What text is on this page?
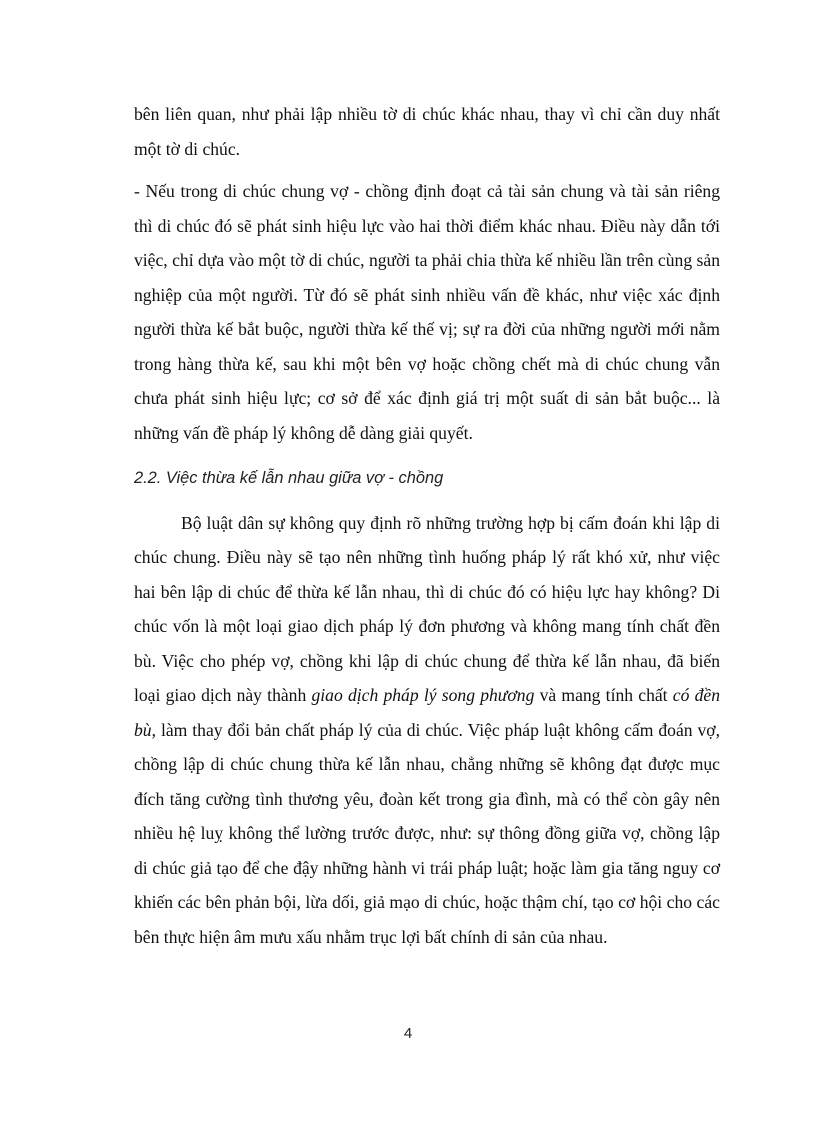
bên liên quan, như phải lập nhiều tờ di chúc khác nhau, thay vì chỉ cần duy nhất một tờ di chúc.

- Nếu trong di chúc chung vợ - chồng định đoạt cả tài sản chung và tài sản riêng thì di chúc đó sẽ phát sinh hiệu lực vào hai thời điểm khác nhau. Điều này dẫn tới việc, chỉ dựa vào một tờ di chúc, người ta phải chia thừa kế nhiều lần trên cùng sản nghiệp của một người. Từ đó sẽ phát sinh nhiều vấn đề khác, như việc xác định người thừa kế bắt buộc, người thừa kế thế vị; sự ra đời của những người mới nằm trong hàng thừa kế, sau khi một bên vợ hoặc chồng chết mà di chúc chung vẫn chưa phát sinh hiệu lực; cơ sở để xác định giá trị một suất di sản bắt buộc... là những vấn đề pháp lý không dễ dàng giải quyết.

2.2. Việc thừa kế lẫn nhau giữa vợ - chồng

Bộ luật dân sự không quy định rõ những trường hợp bị cấm đoán khi lập di chúc chung. Điều này sẽ tạo nên những tình huống pháp lý rất khó xử, như việc hai bên lập di chúc để thừa kế lẫn nhau, thì di chúc đó có hiệu lực hay không? Di chúc vốn là một loại giao dịch pháp lý đơn phương và không mang tính chất đền bù. Việc cho phép vợ, chồng khi lập di chúc chung để thừa kế lẫn nhau, đã biến loại giao dịch này thành giao dịch pháp lý song phương và mang tính chất có đền bù, làm thay đổi bản chất pháp lý của di chúc. Việc pháp luật không cấm đoán vợ, chồng lập di chúc chung thừa kế lẫn nhau, chẳng những sẽ không đạt được mục đích tăng cường tình thương yêu, đoàn kết trong gia đình, mà có thể còn gây nên nhiều hệ luỵ không thể lường trước được, như: sự thông đồng giữa vợ, chồng lập di chúc giả tạo để che đậy những hành vi trái pháp luật; hoặc làm gia tăng nguy cơ khiến các bên phản bội, lừa dối, giả mạo di chúc, hoặc thậm chí, tạo cơ hội cho các bên thực hiện âm mưu xấu nhằm trục lợi bất chính di sản của nhau.

4
